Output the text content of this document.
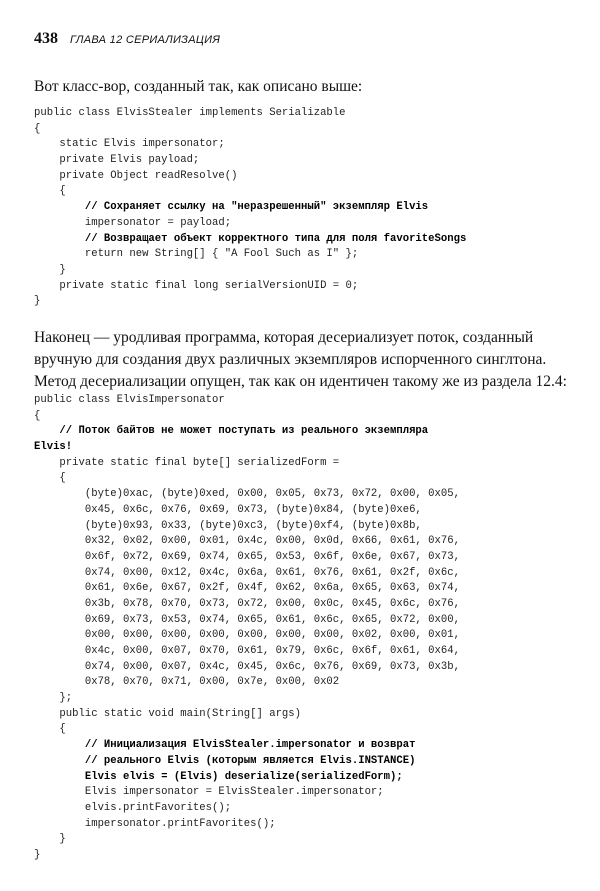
438 ГЛАВА 12 СЕРИАЛИЗАЦИЯ
Вот класс-вор, созданный так, как описано выше:
public class ElvisStealer implements Serializable
{
static Elvis impersonator;
private Elvis payload;
private Object readResolve()
{
// Сохраняет ссылку на "неразрешенный" экземпляр Elvis
impersonator = payload;
// Возвращает объект корректного типа для поля favoriteSongs
return new String[] { "A Fool Such as I" };
}
private static final long serialVersionUID = 0;
}
Наконец — уродливая программа, которая десериализует поток, созданный вручную для создания двух различных экземпляров испорченного синглтона. Метод десериализации опущен, так как он идентичен такому же из раздела 12.4:
public class ElvisImpersonator
{
// Поток байтов не может поступать из реального экземпляра
Elvis!
private static final byte[] serializedForm =
{
(byte)0xac, (byte)0xed, 0x00, 0x05, 0x73, 0x72, 0x00, 0x05,
0x45, 0x6c, 0x76, 0x69, 0x73, (byte)0x84, (byte)0xe6,
(byte)0x93, 0x33, (byte)0xc3, (byte)0xf4, (byte)0x8b,
0x32, 0x02, 0x00, 0x01, 0x4c, 0x00, 0x0d, 0x66, 0x61, 0x76,
0x6f, 0x72, 0x69, 0x74, 0x65, 0x53, 0x6f, 0x6e, 0x67, 0x73,
0x74, 0x00, 0x12, 0x4c, 0x6a, 0x61, 0x76, 0x61, 0x2f, 0x6c,
0x61, 0x6e, 0x67, 0x2f, 0x4f, 0x62, 0x6a, 0x65, 0x63, 0x74,
0x3b, 0x78, 0x70, 0x73, 0x72, 0x00, 0x0c, 0x45, 0x6c, 0x76,
0x69, 0x73, 0x53, 0x74, 0x65, 0x61, 0x6c, 0x65, 0x72, 0x00,
0x00, 0x00, 0x00, 0x00, 0x00, 0x00, 0x00, 0x02, 0x00, 0x01,
0x4c, 0x00, 0x07, 0x70, 0x61, 0x79, 0x6c, 0x6f, 0x61, 0x64,
0x74, 0x00, 0x07, 0x4c, 0x45, 0x6c, 0x76, 0x69, 0x73, 0x3b,
0x78, 0x70, 0x71, 0x00, 0x7e, 0x00, 0x02
};
public static void main(String[] args)
{
// Инициализация ElvisStealer.impersonator и возврат
// реального Elvis (которым является Elvis.INSTANCE)
Elvis elvis = (Elvis) deserialize(serializedForm);
Elvis impersonator = ElvisStealer.impersonator;
elvis.printFavorites();
impersonator.printFavorites();
}
}
